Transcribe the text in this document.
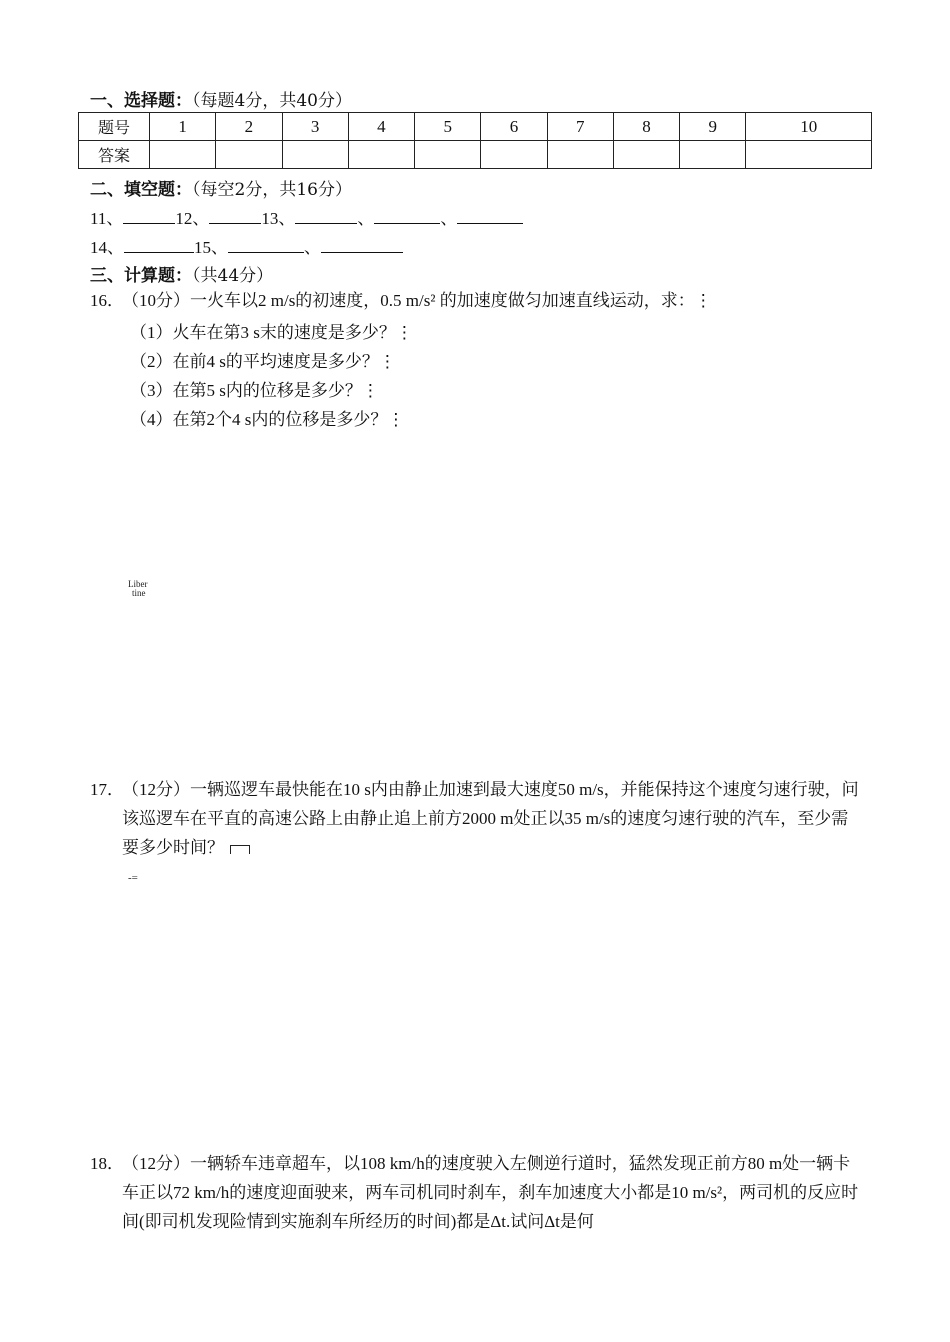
一、选择题：（每题4分，共40分）
题号	1	2	3	4	5	6	7	8	9	10
答案										
二、填空题：（每空2分，共16分）
11、	12、	13、	、	、
14、	15、	、
三、计算题：（共44分）
16．
（10分）一火车以2 m/s的初速度，0.5 m/s² 的加速度做匀加速直线运动，求：⋮
（1）火车在第3 s末的速度是多少？⋮
（2）在前4 s的平均速度是多少？⋮
（3）在第5 s内的位移是多少？⋮
（4）在第2个4 s内的位移是多少？⋮
Liber
tine
17．
（12分）一辆巡逻车最快能在10 s内由静止加速到最大速度50 m/s，并能保持这个速度匀速行驶，问该巡逻车在平直的高速公路上由静止追上前方2000 m处正以35 m/s的速度匀速行驶的汽车，至少需要多少时间？
-=
18．
（12分）一辆轿车违章超车，以108 km/h的速度驶入左侧逆行道时，猛然发现正前方80 m处一辆卡车正以72 km/h的速度迎面驶来，两车司机同时刹车，刹车加速度大小都是10 m/s²，两司机的反应时间(即司机发现险情到实施刹车所经历的时间)都是Δt.试问Δt是何
